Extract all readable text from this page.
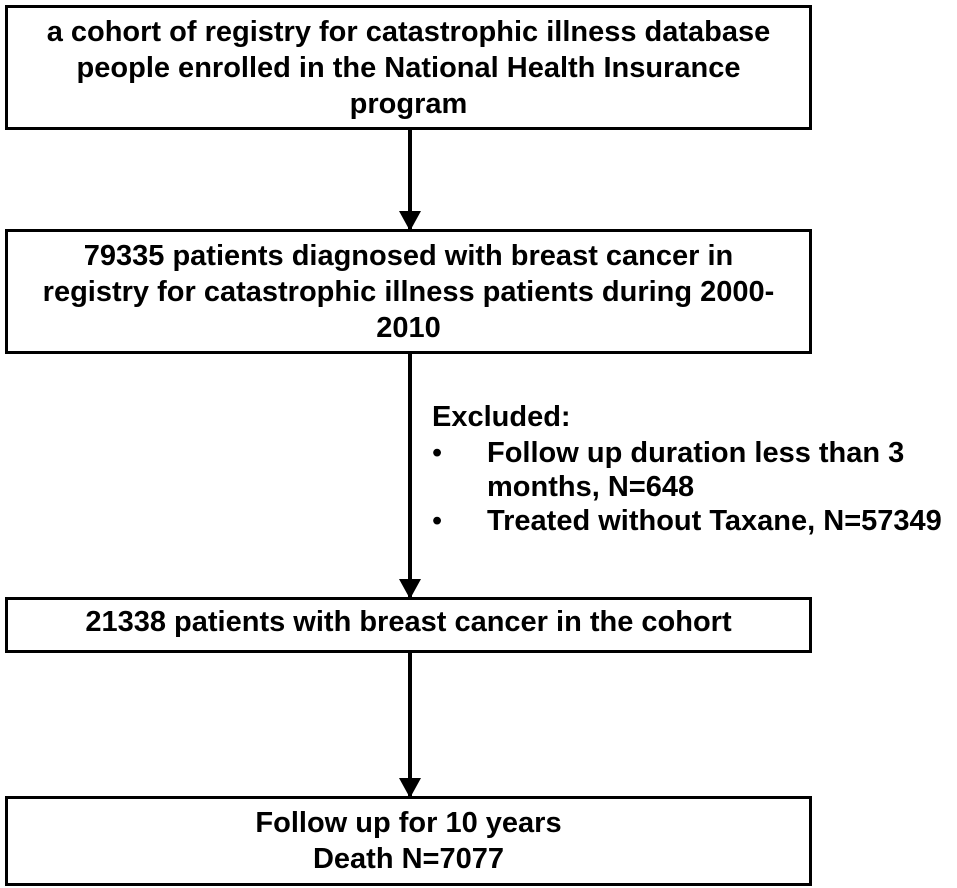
a cohort of registry for catastrophic illness database
people enrolled in the National Health Insurance
program
79335 patients diagnosed with breast cancer in
registry for catastrophic illness patients during 2000-
2010
Excluded:
•	Follow up duration less than 3
months, N=648
•	Treated without Taxane, N=57349
21338 patients with breast cancer in the cohort
Follow up for 10 years
Death N=7077
